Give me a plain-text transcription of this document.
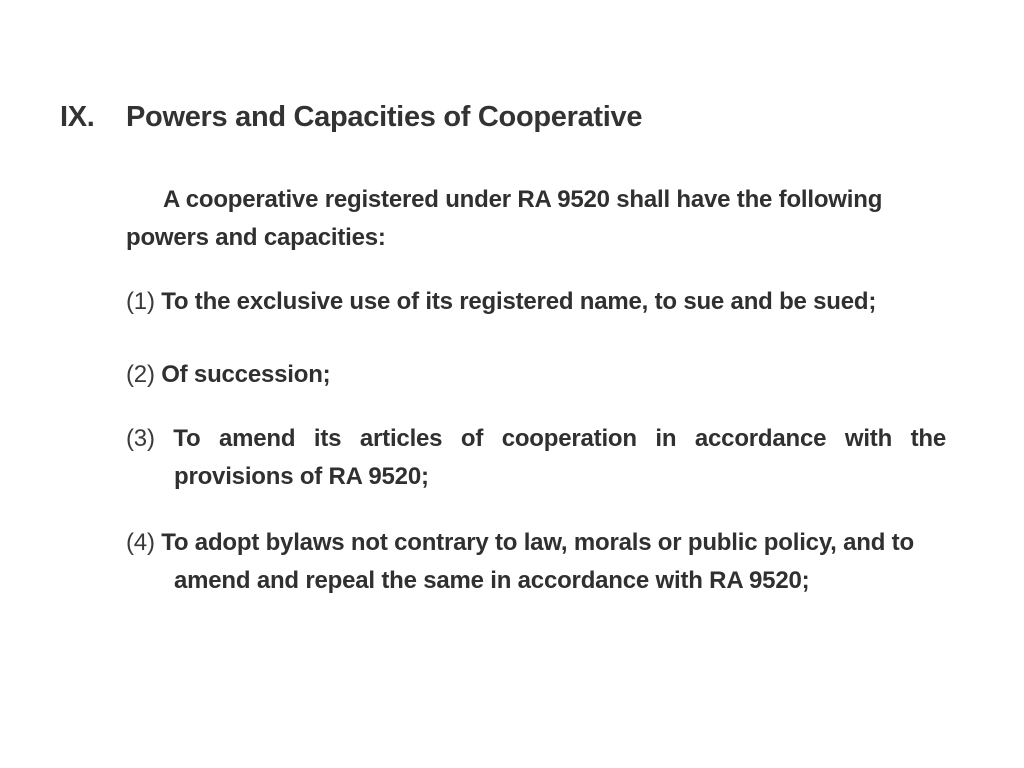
IX. Powers and Capacities of Cooperative
A cooperative registered under RA 9520 shall have the following powers and capacities:
(1) To the exclusive use of its registered name, to sue and be sued;
(2) Of succession;
(3) To amend its articles of cooperation in accordance with the provisions of RA 9520;
(4) To adopt bylaws not contrary to law, morals or public policy, and to amend and repeal the same in accordance with RA 9520;
